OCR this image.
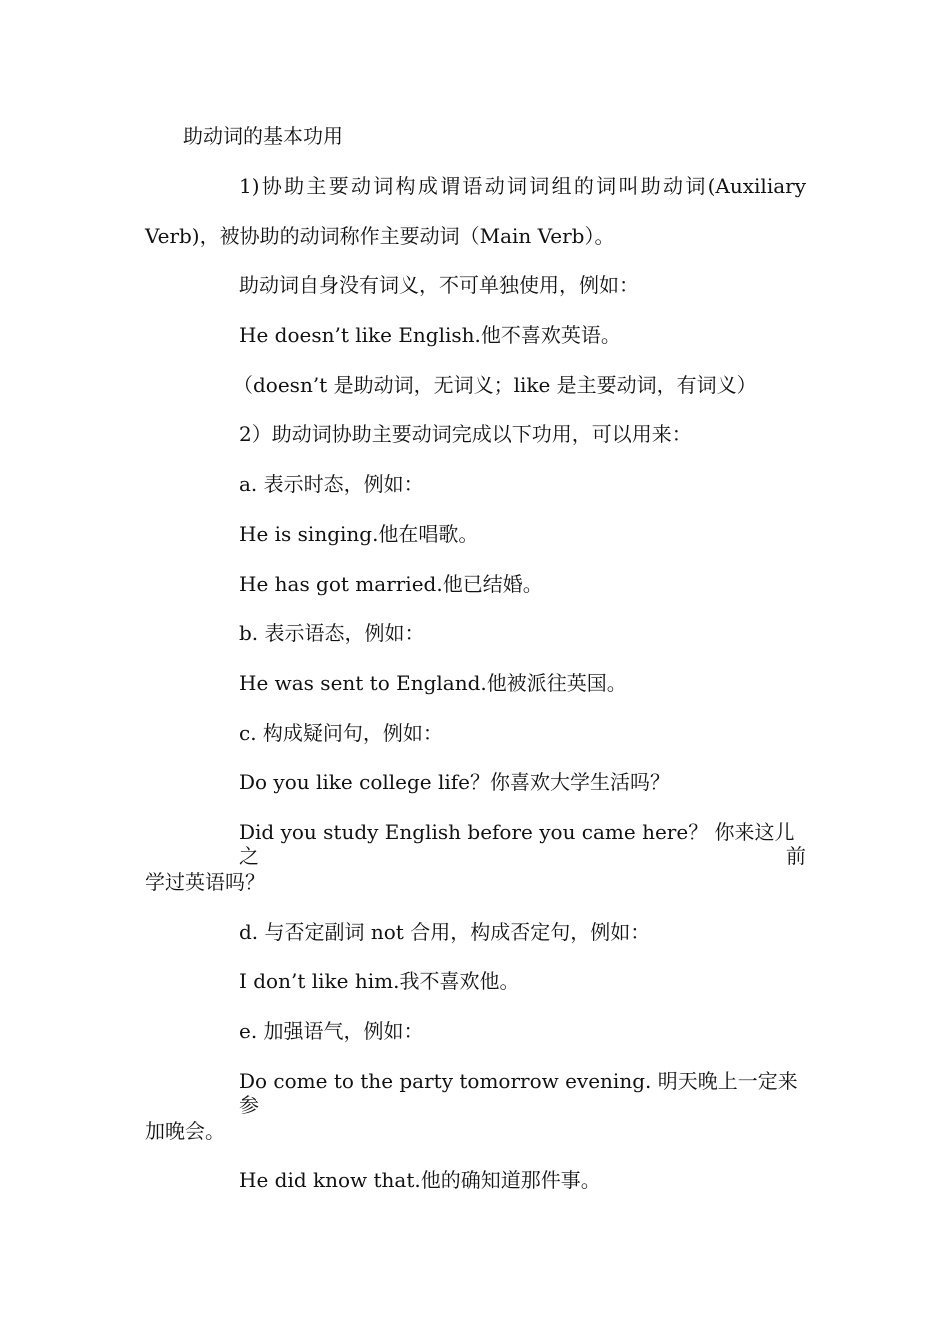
助动词的基本功用
1)协助主要动词构成谓语动词词组的词叫助动词(Auxiliary
Verb)，被协助的动词称作主要动词（Main Verb）。
助动词自身没有词义，不可单独使用，例如：
He doesn’t like English.他不喜欢英语。
（doesn’t 是助动词，无词义；like 是主要动词，有词义）
2）助动词协助主要动词完成以下功用，可以用来：
a. 表示时态，例如：
He is singing.他在唱歌。
He has got married.他已结婚。
b. 表示语态，例如：
He was sent to England.他被派往英国。
c. 构成疑问句，例如：
Do you like college life？你喜欢大学生活吗？
Did you study English before you came here？ 你来这儿之前
学过英语吗？
d. 与否定副词 not 合用，构成否定句，例如：
I don’t like him.我不喜欢他。
e. 加强语气，例如：
Do come to the party tomorrow evening. 明天晚上一定来参
加晚会。
He did know that.他的确知道那件事。
